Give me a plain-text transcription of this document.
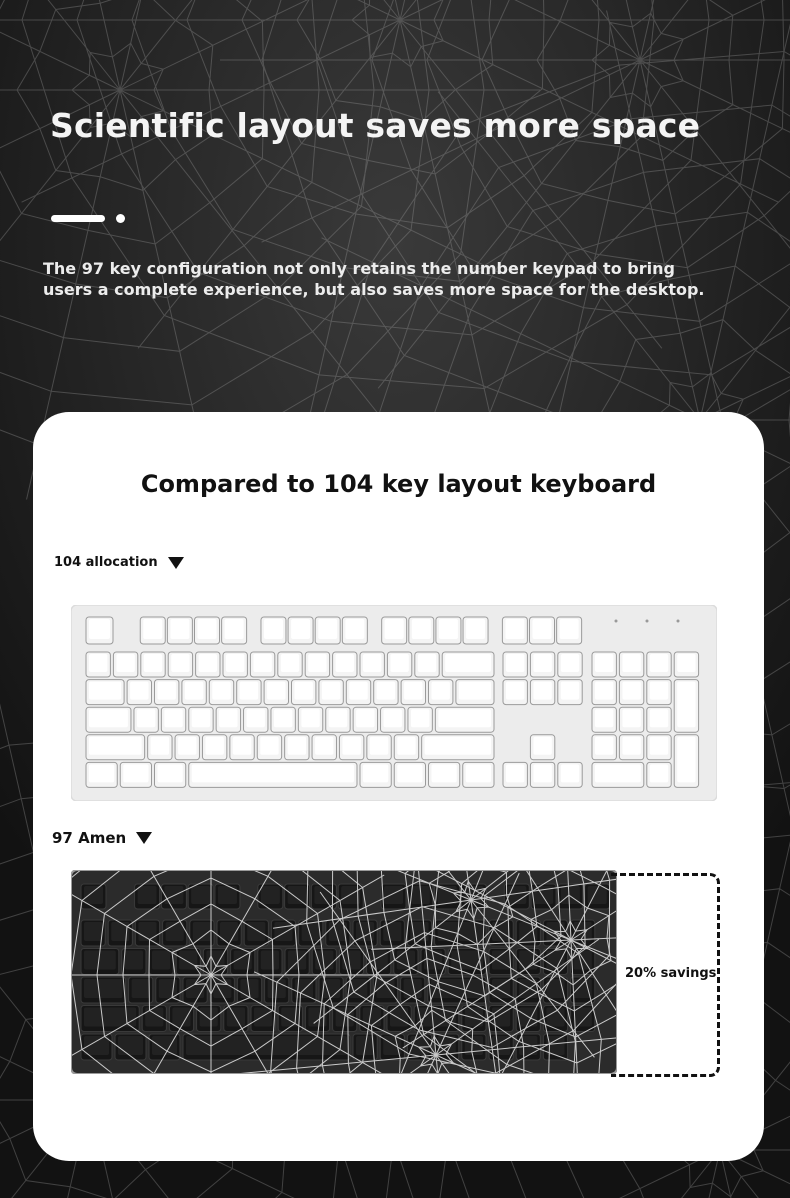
Scientific layout saves more space

The 97 key configuration not only retains the number keypad to bring
users a complete experience, but also saves more space for the desktop.

Compared to 104 key layout keyboard
104 allocation
97 Amen
20% savings
